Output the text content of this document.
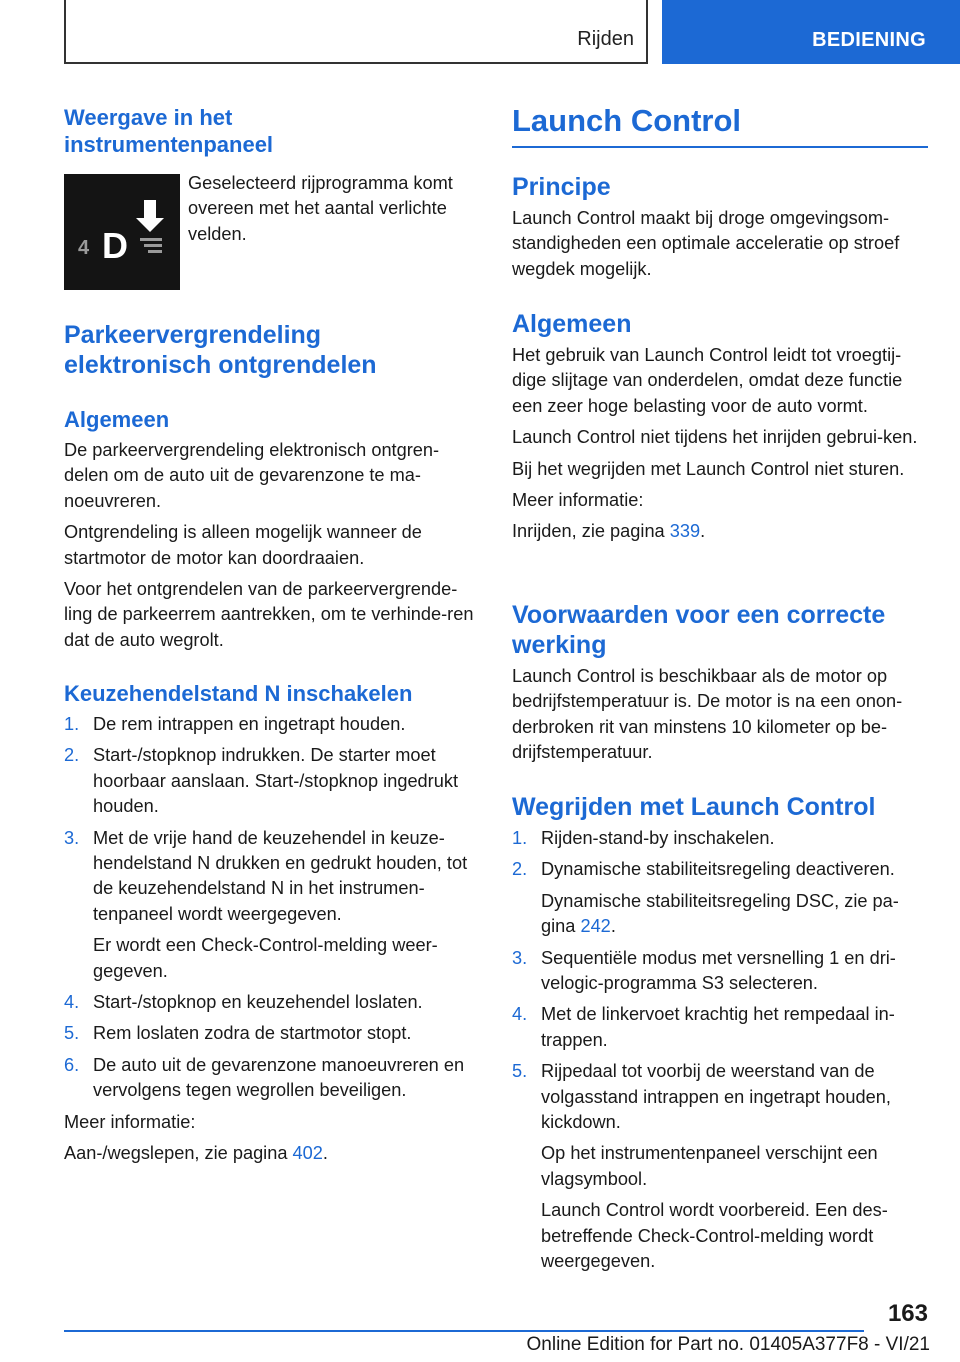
Rijden	BEDIENING
Weergave in het instrumentenpaneel
4 D

Geselecteerd rijprogramma komt overeen met het aantal verlichte velden.

Parkeervergrendeling elektronisch ontgrendelen
Algemeen

De parkeervergrendeling elektronisch ontgren-delen om de auto uit de gevarenzone te ma-noeuvreren.

Ontgrendeling is alleen mogelijk wanneer de startmotor de motor kan doordraaien.

Voor het ontgrendelen van de parkeervergrende-ling de parkeerrem aantrekken, om te verhinde-ren dat de auto wegrolt.

Keuzehendelstand N inschakelen
1. De rem intrappen en ingetrapt houden.
2. Start-/stopknop indrukken. De starter moet hoorbaar aanslaan. Start-/stopknop ingedrukt houden.
3. Met de vrije hand de keuzehendel in keuze-hendelstand N drukken en gedrukt houden, tot de keuzehendelstand N in het instrumen-tenpaneel wordt weergegeven.
Er wordt een Check-Control-melding weer-gegeven.
4. Start-/stopknop en keuzehendel loslaten.
5. Rem loslaten zodra de startmotor stopt.
6. De auto uit de gevarenzone manoeuvreren en vervolgens tegen wegrollen beveiligen.

Meer informatie:

Aan-/wegslepen, zie pagina 402.

Launch Control
Principe

Launch Control maakt bij droge omgevingsom-standigheden een optimale acceleratie op stroef wegdek mogelijk.

Algemeen

Het gebruik van Launch Control leidt tot vroegtij-dige slijtage van onderdelen, omdat deze functie een zeer hoge belasting voor de auto vormt.

Launch Control niet tijdens het inrijden gebrui-ken.

Bij het wegrijden met Launch Control niet sturen.

Meer informatie:

Inrijden, zie pagina 339.

Voorwaarden voor een correcte werking

Launch Control is beschikbaar als de motor op bedrijfstemperatuur is. De motor is na een onon-derbroken rit van minstens 10 kilometer op be-drijfstemperatuur.

Wegrijden met Launch Control
1. Rijden-stand-by inschakelen.
2. Dynamische stabiliteitsregeling deactiveren.
Dynamische stabiliteitsregeling DSC, zie pa-gina 242.
3. Sequentiële modus met versnelling 1 en dri-velogic-programma S3 selecteren.
4. Met de linkervoet krachtig het rempedaal in-trappen.
5. Rijpedaal tot voorbij de weerstand van de volgasstand intrappen en ingetrapt houden, kickdown.
Op het instrumentenpaneel verschijnt een vlagsymbool.
Launch Control wordt voorbereid. Een des-betreffende Check-Control-melding wordt weergegeven.
163
Online Edition for Part no. 01405A377F8 - VI/21
